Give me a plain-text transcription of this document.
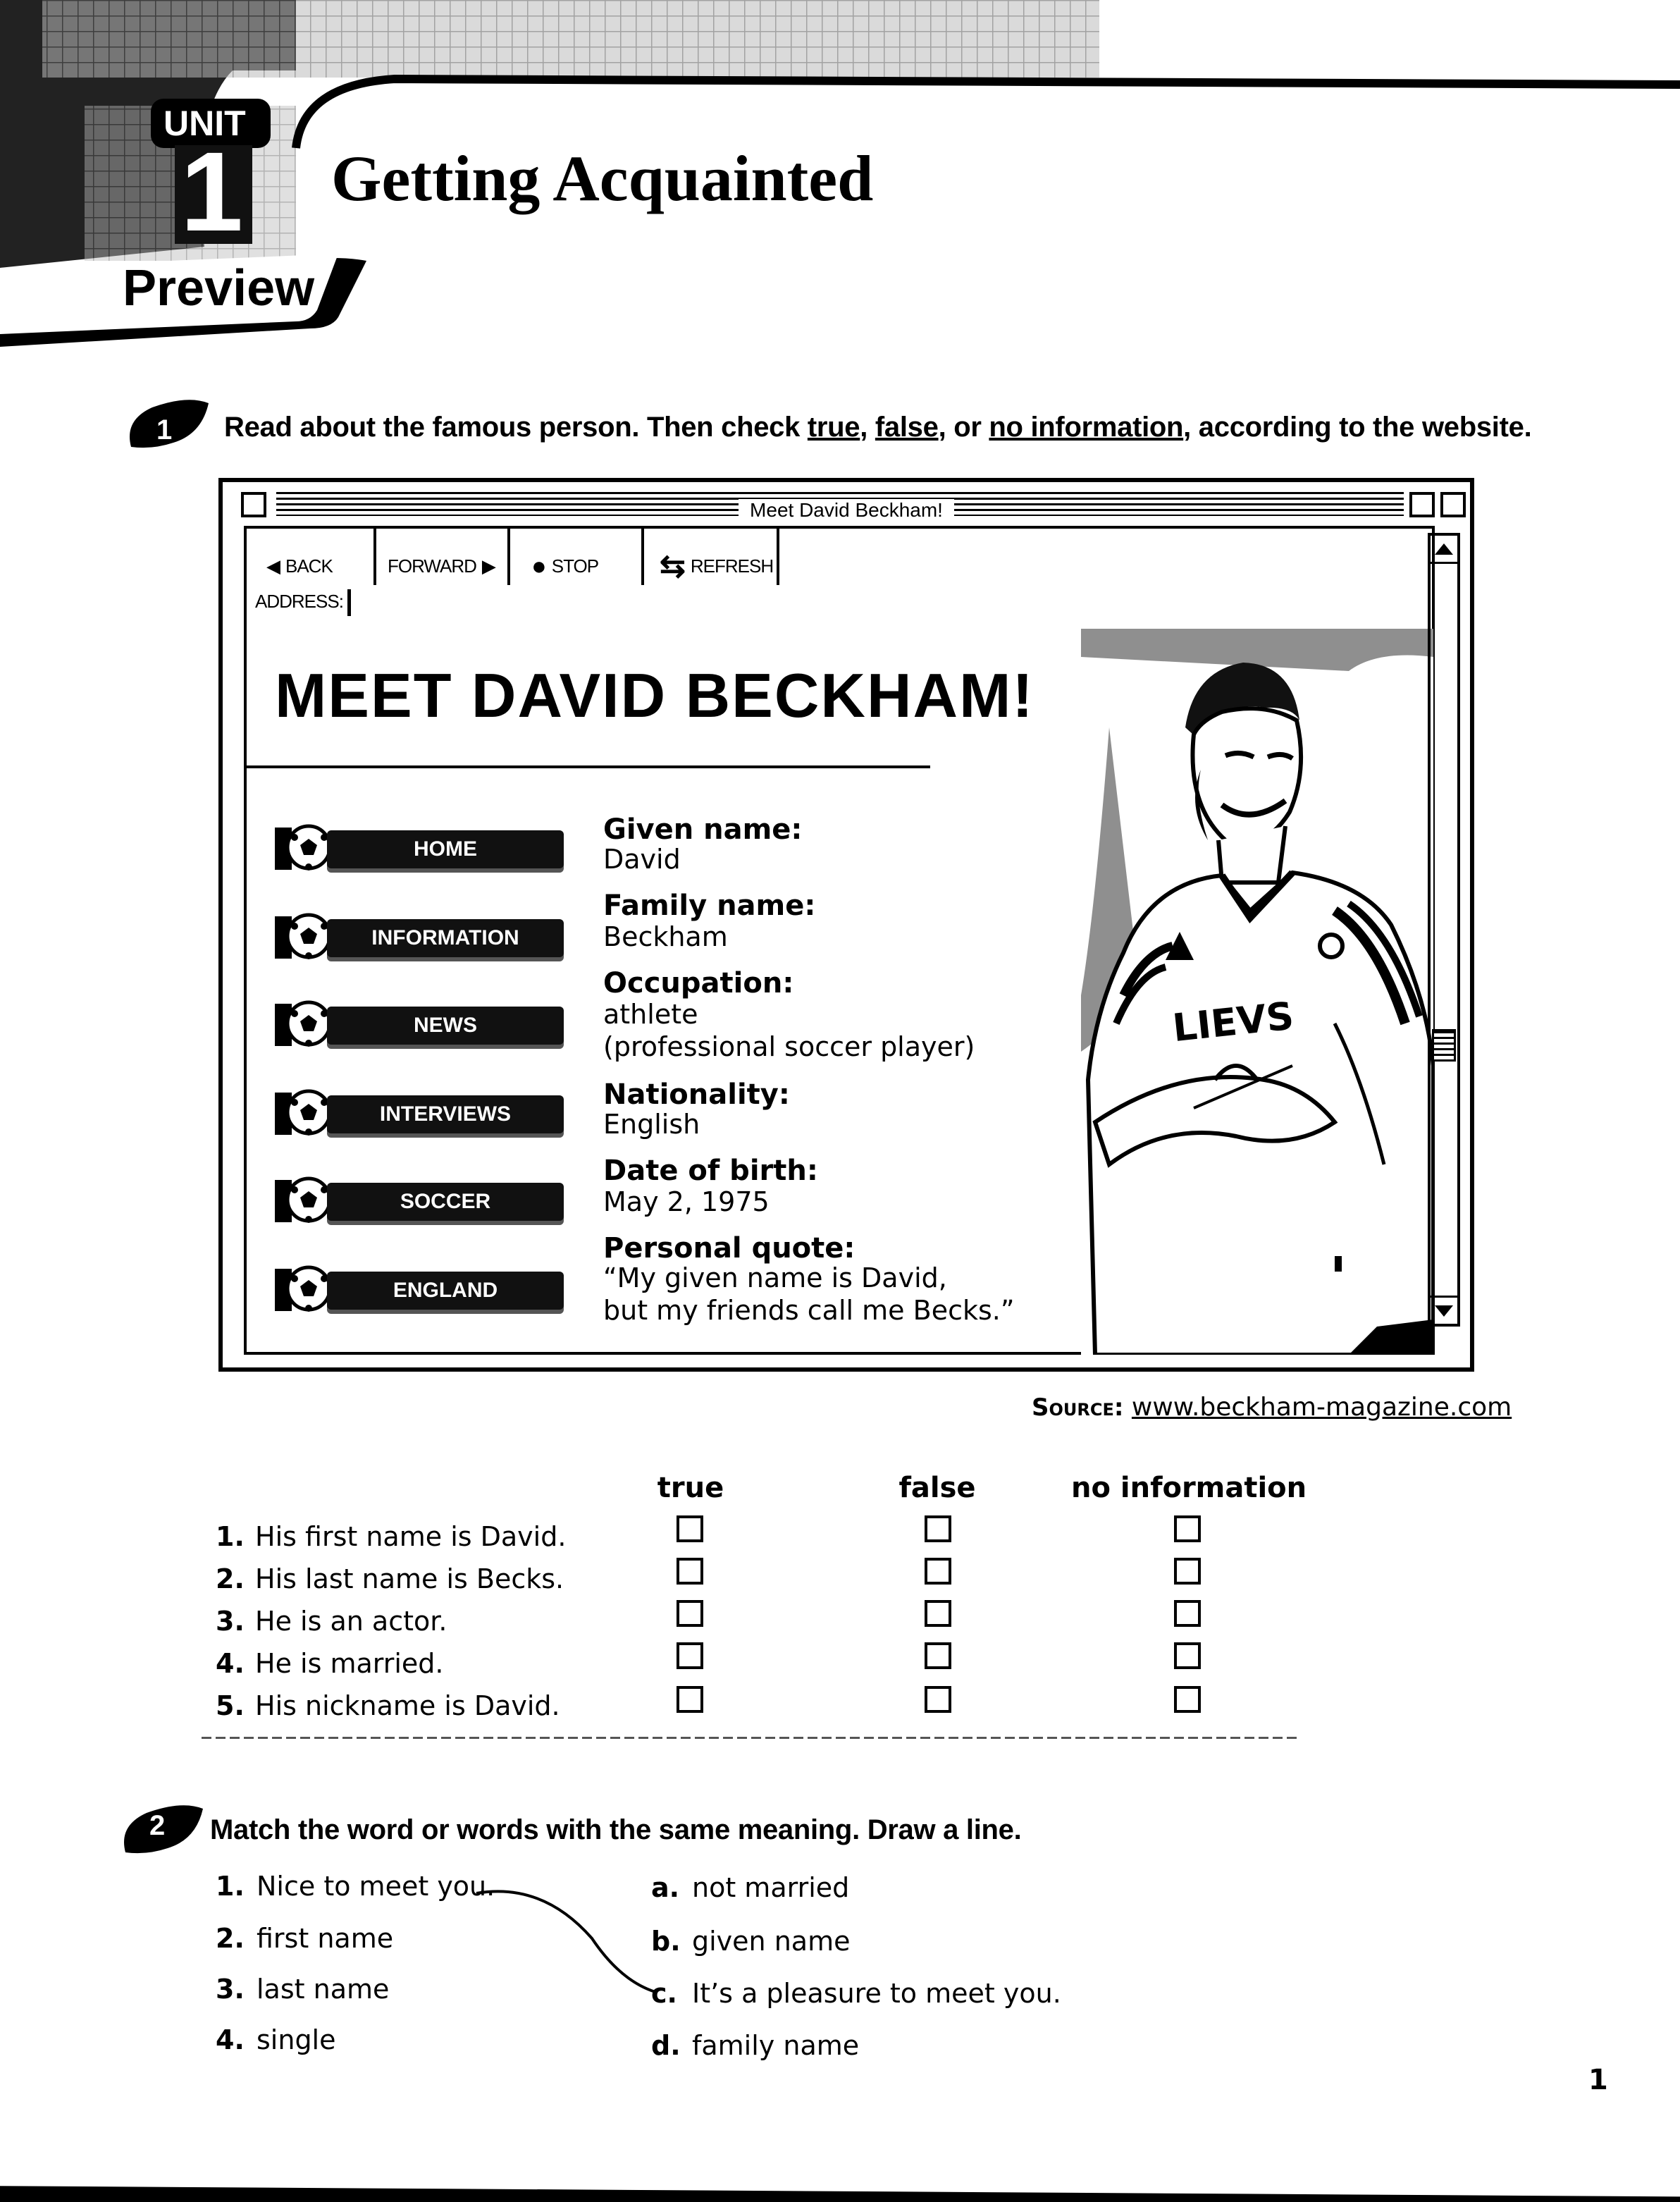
UNIT
1 Getting Acquainted
Preview
1 Read about the famous person. Then check true, false, or no information, according to the website.
Meet David Beckham!
◀ BACK	FORWARD ▶ ● STOP ⇆ REFRESH
ADDRESS:
MEET DAVID BECKHAM!
HOME
INFORMATION
NEWS
INTERVIEWS
SOCCER
ENGLAND
Given name:
David
Family name:
Beckham
Occupation:
athlete
(professional soccer player)
Nationality:
English
Date of birth:
May 2, 1975
Personal quote:
“My given name is David,
but my friends call me Becks.”
LIEVS
Source: www.beckham-magazine.com
true	false	no information
1. His first name is David.
2. His last name is Becks.
3. He is an actor.
4. He is married.
5. His nickname is David.
2 Match the word or words with the same meaning. Draw a line.
1. Nice to meet you.
2. first name
3. last name
4. single
a. not married
b. given name
c. It’s a pleasure to meet you.
d. family name
1
